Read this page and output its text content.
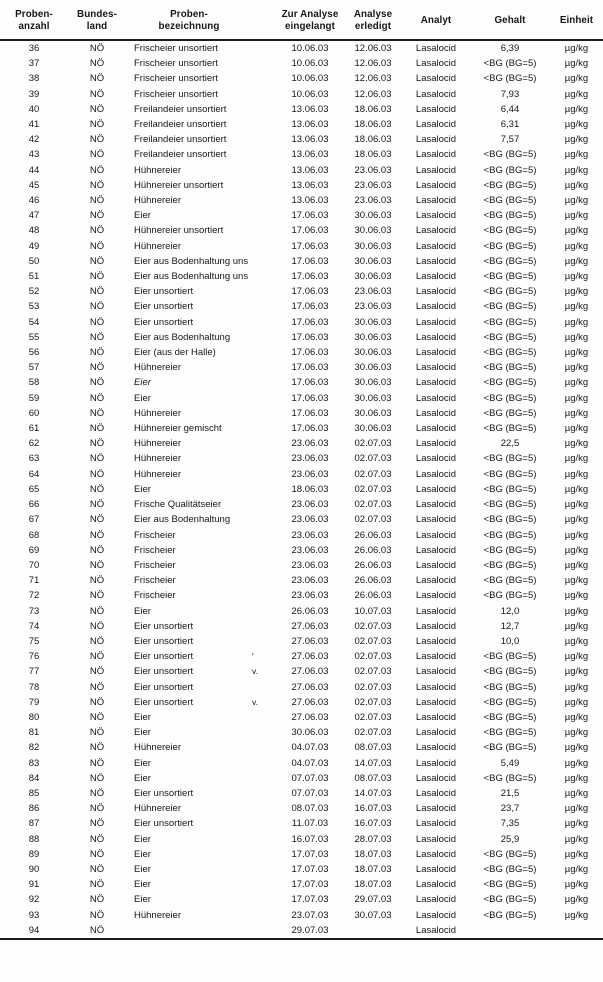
Proben-
anzahl	Bundes-
land	Proben-
bezeichnung		Zur Analyse
eingelangt	Analyse
erledigt	Analyt	Gehalt	Einheit
36	NÖ	Frischeier unsortiert		10.06.03	12.06.03	Lasalocid	6,39	µg/kg
37	NÖ	Frischeier unsortiert		10.06.03	12.06.03	Lasalocid	<BG (BG=5)	µg/kg
38	NÖ	Frischeier unsortiert		10.06.03	12.06.03	Lasalocid	<BG (BG=5)	µg/kg
39	NÖ	Frischeier unsortiert		10.06.03	12.06.03	Lasalocid	7,93	µg/kg
40	NÖ	Freilandeier unsortiert		13.06.03	18.06.03	Lasalocid	6,44	µg/kg
41	NÖ	Freilandeier unsortiert		13.06.03	18.06.03	Lasalocid	6,31	µg/kg
42	NÖ	Freilandeier unsortiert		13.06.03	18.06.03	Lasalocid	7,57	µg/kg
43	NÖ	Freilandeier unsortiert		13.06.03	18.06.03	Lasalocid	<BG (BG=5)	µg/kg
44	NÖ	Hühnereier		13.06.03	23.06.03	Lasalocid	<BG (BG=5)	µg/kg
45	NÖ	Hühnereier unsortiert		13.06.03	23.06.03	Lasalocid	<BG (BG=5)	µg/kg
46	NÖ	Hühnereier		13.06.03	23.06.03	Lasalocid	<BG (BG=5)	µg/kg
47	NÖ	Eier		17.06.03	30.06.03	Lasalocid	<BG (BG=5)	µg/kg
48	NÖ	Hühnereier unsortiert		17.06.03	30.06.03	Lasalocid	<BG (BG=5)	µg/kg
49	NÖ	Hühnereier		17.06.03	30.06.03	Lasalocid	<BG (BG=5)	µg/kg
50	NÖ	Eier aus Bodenhaltung uns		17.06.03	30.06.03	Lasalocid	<BG (BG=5)	µg/kg
51	NÖ	Eier aus Bodenhaltung uns		17.06.03	30.06.03	Lasalocid	<BG (BG=5)	µg/kg
52	NÖ	Eier unsortiert		17.06.03	23.06.03	Lasalocid	<BG (BG=5)	µg/kg
53	NÖ	Eier unsortiert		17.06.03	23.06.03	Lasalocid	<BG (BG=5)	µg/kg
54	NÖ	Eier unsortiert		17.06.03	30.06.03	Lasalocid	<BG (BG=5)	µg/kg
55	NÖ	Eier aus Bodenhaltung		17.06.03	30.06.03	Lasalocid	<BG (BG=5)	µg/kg
56	NÖ	Eier (aus der Halle)		17.06.03	30.06.03	Lasalocid	<BG (BG=5)	µg/kg
57	NÖ	Hühnereier		17.06.03	30.06.03	Lasalocid	<BG (BG=5)	µg/kg
58	NÖ	Eier		17.06.03	30.06.03	Lasalocid	<BG (BG=5)	µg/kg
59	NÖ	Eier		17.06.03	30.06.03	Lasalocid	<BG (BG=5)	µg/kg
60	NÖ	Hühnereier		17.06.03	30.06.03	Lasalocid	<BG (BG=5)	µg/kg
61	NÖ	Hühnereier gemischt		17.06.03	30.06.03	Lasalocid	<BG (BG=5)	µg/kg
62	NÖ	Hühnereier		23.06.03	02.07.03	Lasalocid	22,5	µg/kg
63	NÖ	Hühnereier		23.06.03	02.07.03	Lasalocid	<BG (BG=5)	µg/kg
64	NÖ	Hühnereier		23.06.03	02.07.03	Lasalocid	<BG (BG=5)	µg/kg
65	NÖ	Eier		18.06.03	02.07.03	Lasalocid	<BG (BG=5)	µg/kg
66	NÖ	Frische Qualitätseier		23.06.03	02.07.03	Lasalocid	<BG (BG=5)	µg/kg
67	NÖ	Eier aus Bodenhaltung		23.06.03	02.07.03	Lasalocid	<BG (BG=5)	µg/kg
68	NÖ	Frischeier		23.06.03	26.06.03	Lasalocid	<BG (BG=5)	µg/kg
69	NÖ	Frischeier		23.06.03	26.06.03	Lasalocid	<BG (BG=5)	µg/kg
70	NÖ	Frischeier		23.06.03	26.06.03	Lasalocid	<BG (BG=5)	µg/kg
71	NÖ	Frischeier		23.06.03	26.06.03	Lasalocid	<BG (BG=5)	µg/kg
72	NÖ	Frischeier		23.06.03	26.06.03	Lasalocid	<BG (BG=5)	µg/kg
73	NÖ	Eier		26.06.03	10.07.03	Lasalocid	12,0	µg/kg
74	NÖ	Eier unsortiert		27.06.03	02.07.03	Lasalocid	12,7	µg/kg
75	NÖ	Eier unsortiert		27.06.03	02.07.03	Lasalocid	10,0	µg/kg
76	NÖ	Eier unsortiert	'	27.06.03	02.07.03	Lasalocid	<BG (BG=5)	µg/kg
77	NÖ	Eier unsortiert	v.	27.06.03	02.07.03	Lasalocid	<BG (BG=5)	µg/kg
78	NÖ	Eier unsortiert		27.06.03	02.07.03	Lasalocid	<BG (BG=5)	µg/kg
79	NÖ	Eier unsortiert	v.	27.06.03	02.07.03	Lasalocid	<BG (BG=5)	µg/kg
80	NÖ	Eier		27.06.03	02.07.03	Lasalocid	<BG (BG=5)	µg/kg
81	NÖ	Eier		30.06.03	02.07.03	Lasalocid	<BG (BG=5)	µg/kg
82	NÖ	Hühnereier		04.07.03	08.07.03	Lasalocid	<BG (BG=5)	µg/kg
83	NÖ	Eier		04.07.03	14.07.03	Lasalocid	5,49	µg/kg
84	NÖ	Eier		07.07.03	08.07.03	Lasalocid	<BG (BG=5)	µg/kg
85	NÖ	Eier unsortiert		07.07.03	14.07.03	Lasalocid	21,5	µg/kg
86	NÖ	Hühnereier		08.07.03	16.07.03	Lasalocid	23,7	µg/kg
87	NÖ	Eier unsortiert		11.07.03	16.07.03	Lasalocid	7,35	µg/kg
88	NÖ	Eier		16.07.03	28.07.03	Lasalocid	25,9	µg/kg
89	NÖ	Eier		17.07.03	18.07.03	Lasalocid	<BG (BG=5)	µg/kg
90	NÖ	Eier		17.07.03	18.07.03	Lasalocid	<BG (BG=5)	µg/kg
91	NÖ	Eier		17.07.03	18.07.03	Lasalocid	<BG (BG=5)	µg/kg
92	NÖ	Eier		17.07.03	29.07.03	Lasalocid	<BG (BG=5)	µg/kg
93	NÖ	Hühnereier		23.07.03	30.07.03	Lasalocid	<BG (BG=5)	µg/kg
94	NÖ			29.07.03		Lasalocid		
